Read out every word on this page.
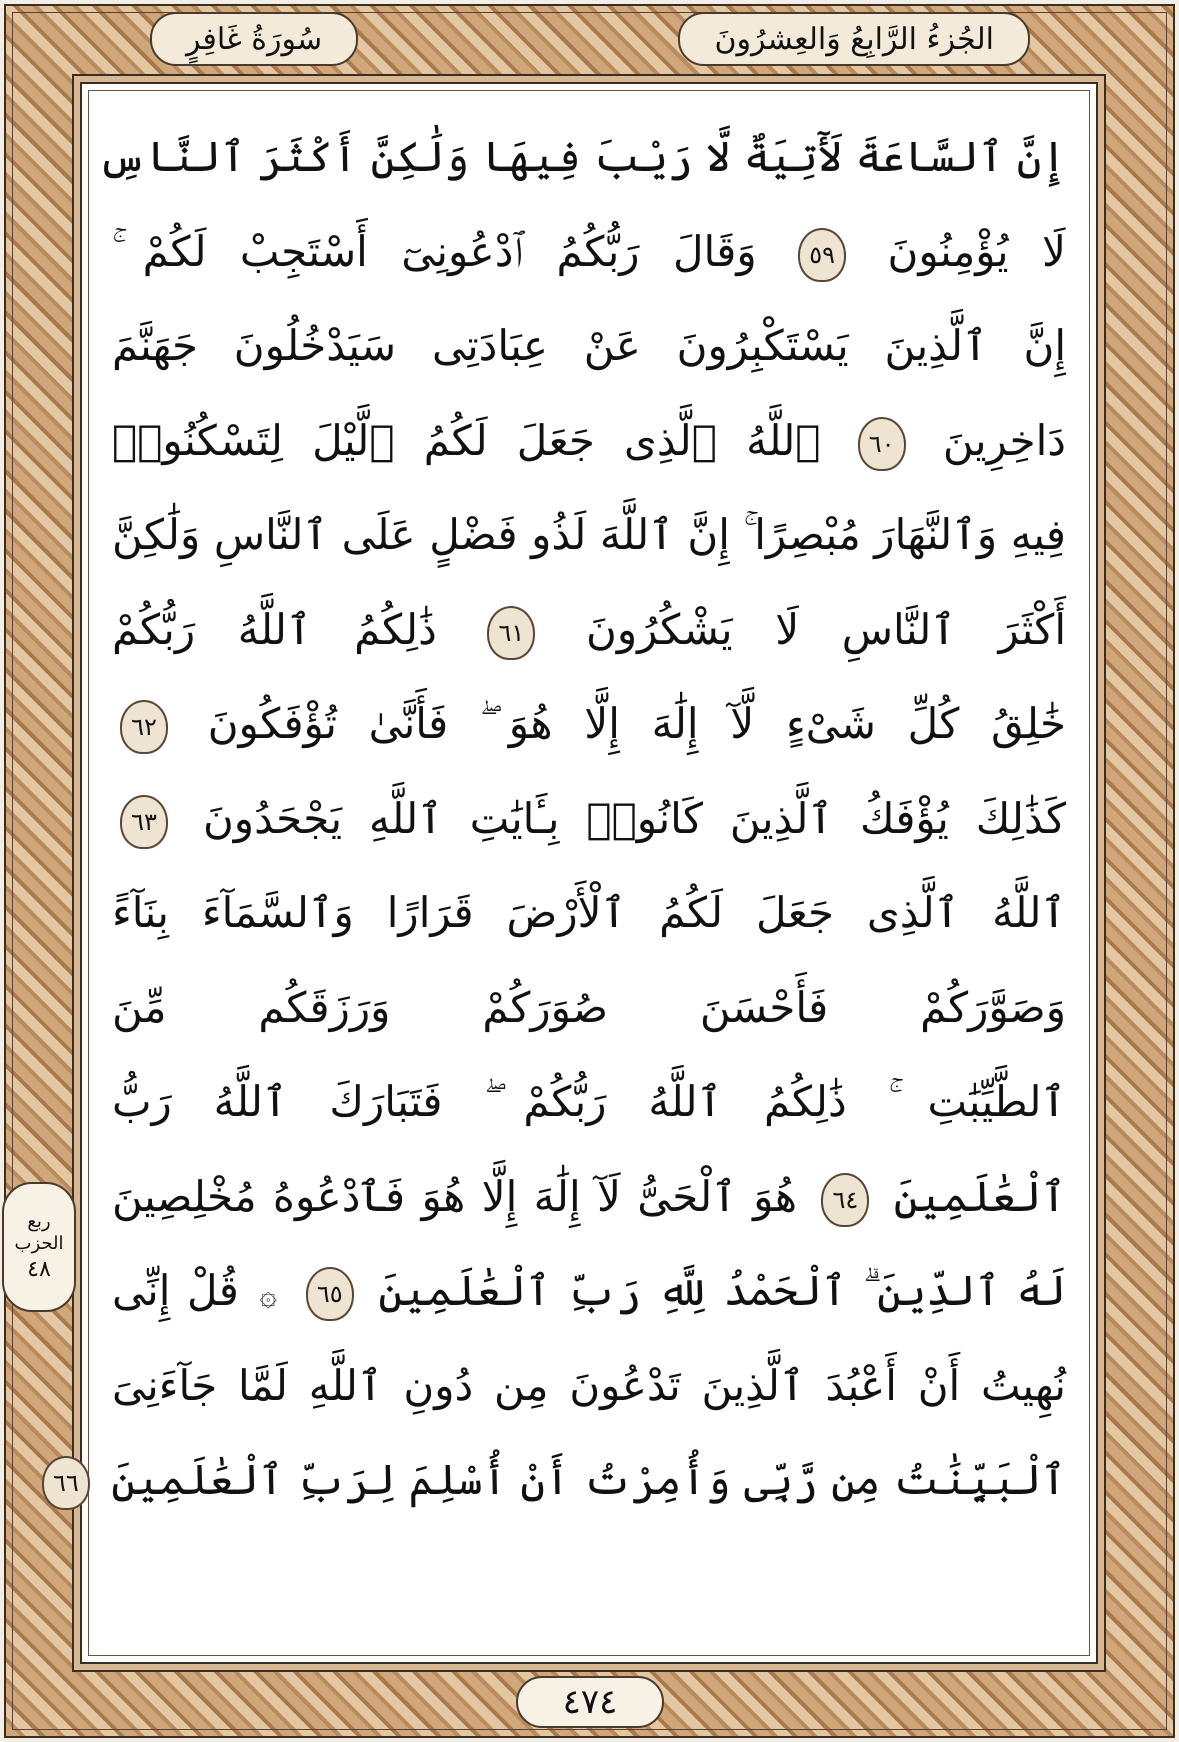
الجُزءُ الرَّابِعُ وَالعِشرُونَ
سُورَةُ غَافِرٍ
إِنَّ ٱلسَّاعَةَ لَأٓتِيَةٌ لَّا رَيْبَ فِيهَا وَلَٰكِنَّ أَكْثَرَ ٱلنَّاسِ
لَا يُؤْمِنُونَ ٥٩ وَقَالَ رَبُّكُمُ ٱدْعُونِىٓ أَسْتَجِبْ لَكُمْ ۚ
إِنَّ ٱلَّذِينَ يَسْتَكْبِرُونَ عَنْ عِبَادَتِى سَيَدْخُلُونَ جَهَنَّمَ
دَاخِرِينَ ٦٠ ٱللَّهُ ٱلَّذِى جَعَلَ لَكُمُ ٱلَّيْلَ لِتَسْكُنُوا۟
فِيهِ وَٱلنَّهَارَ مُبْصِرًا ۚ إِنَّ ٱللَّهَ لَذُو فَضْلٍ عَلَى ٱلنَّاسِ وَلَٰكِنَّ
أَكْثَرَ ٱلنَّاسِ لَا يَشْكُرُونَ ٦١ ذَٰلِكُمُ ٱللَّهُ رَبُّكُمْ
خَٰلِقُ كُلِّ شَىْءٍ لَّآ إِلَٰهَ إِلَّا هُوَ ۖ فَأَنَّىٰ تُؤْفَكُونَ ٦٢
كَذَٰلِكَ يُؤْفَكُ ٱلَّذِينَ كَانُوا۟ بِـَٔايَٰتِ ٱللَّهِ يَجْحَدُونَ ٦٣
ٱللَّهُ ٱلَّذِى جَعَلَ لَكُمُ ٱلْأَرْضَ قَرَارًا وَٱلسَّمَآءَ بِنَآءً
وَصَوَّرَكُمْ فَأَحْسَنَ صُوَرَكُمْ وَرَزَقَكُم مِّنَ
ٱلطَّيِّبَٰتِ ۚ ذَٰلِكُمُ ٱللَّهُ رَبُّكُمْ ۖ فَتَبَارَكَ ٱللَّهُ رَبُّ
ٱلْعَٰلَمِينَ ٦٤ هُوَ ٱلْحَىُّ لَآ إِلَٰهَ إِلَّا هُوَ فَٱدْعُوهُ مُخْلِصِينَ
لَهُ ٱلدِّينَ ۗ ٱلْحَمْدُ لِلَّهِ رَبِّ ٱلْعَٰلَمِينَ ٦٥ ۞ قُلْ إِنِّى
نُهِيتُ أَنْ أَعْبُدَ ٱلَّذِينَ تَدْعُونَ مِن دُونِ ٱللَّهِ لَمَّا جَآءَنِىَ
ٱلْبَيِّنَٰتُ مِن رَّبِّى وَأُمِرْتُ أَنْ أُسْلِمَ لِرَبِّ ٱلْعَٰلَمِينَ ٦٦
ربع
الحزب
٤٨
٤٧٤
